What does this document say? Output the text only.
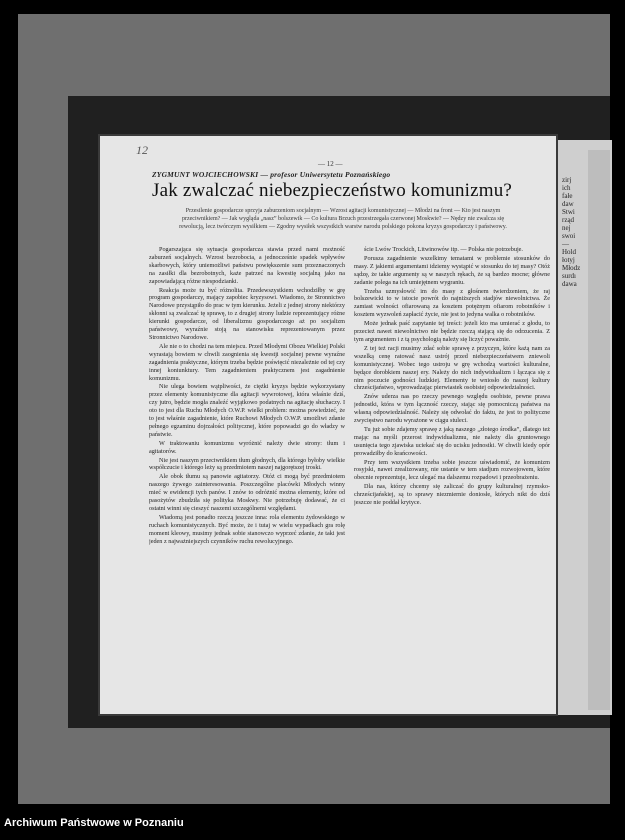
zirj
ich
fałe
daw
Stwi
rząd
nej
swoi
—
Hold
łotyj
Młodz
surdı
dawa
12
— 12 —
ZYGMUNT WOJCIECHOWSKI — profesor Uniwersytetu Poznańskiego
Jak zwalczać niebezpieczeństwo komunizmu?
Przesilenie gospodarcze sprzyja zaburzeniom socjalnym — Wzrost agitacji komunistycznej — Młodzi na front — Kto jest naszym przeciwnikiem? — Jak wygląda „nasz” bolszewik — Co kultura Brzuch przestrzegała czerwonej Moskwie? — Nędzy nie zwalcza się rewolucją, lecz twórczym wysiłkiem — Zgodny wysiłek wszystkich warstw narodu polskiego pokona kryzys gospodarczy i państwowy.

Pogarszająca się sytuacja gospodarcza stawia przed nami możność zaburzeń socjalnych. Wzrost bezrobocia, a jednocześnie spadek wpływów skarbowych, który uniemożliwi państwu powiększenie sum przeznaczonych na zasiłki dla bezrobotnych, każe patrzeć na kwestię socjalną jako na zapowiadającą różne niespodzianki.

Reakcja może tu być różnolita. Przedewszystkiem wchodziłby w grę program gospodarczy, mający zapobiec kryzysowi. Wiadomo, że Stronnictwo Narodowe przystąpiło do prac w tym kierunku. Jeżeli z jednej strony niektórzy skłonni są zwalczać tę sprawę, to z drugiej strony ludzie reprezentujący różne kierunki gospodarcze, od liberalizmu gospodarczego aż po socjalizm państwowy, wyraźnie stoją na stanowisku reprezentowanym przez Stronnictwo Narodowe.

Ale nie o to chodzi na tem miejscu. Przed Młodymi Obozu Wielkiej Polski wyrastają bowiem w chwili zaognienia się kwestji socjalnej pewne wyraźne zagadnienia praktyczne, którym trzeba będzie poświęcić niezależnie od tej czy innej koniunktury. Tem zagadnieniem praktycznem jest zagadnienie komunizmu.

Nie ulega bowiem wątpliwości, że ciężki kryzys będzie wykorzystany przez elementy komunistyczne dla agitacji wywrotowej, która właśnie dziś, czy jutro, będzie mogła znaleźć wyjątkowo podatnych na agitację słuchaczy. I oto to jest dla Ruchu Młodych O.W.P. wielki problem: można powiedzieć, że to jest właśnie zagadnienie, które Ruchowi Młodych O.W.P. umożliwi zdanie pełnego egzaminu dojrzałości politycznej, które popowadzi go do władzy w państwie.

W traktowaniu komunizmu wyróżnić należy dwie strony: tłum i agitatorów.

Nie jest naszym przeciwnikiem tłum głodnych, dla którego byłoby wielkie współczucie i którego leży są przedmiotem naszej najgorętszej troski.

Ale obok tłumu są panowie agitatorzy. Otóż ci mogą być przedmiotem naszego żywego zainteresowania. Poszczególne placówki Młodych winny mieć w ewidencji tych panów. I znów to odróżnić można elementy, które od pasożytów zbudziła się polityka Moskwy. Nie potrzebuję dodawać, że ci ostatni winni się cieszyć naszemi szczególnemi względami.

Wiadomą jest ponadto rzeczą jeszcze inna: rola elementu żydowskiego w ruchach komunistycznych. Być może, że i tutaj w wielu wypadkach gra rolę moment kleowy, musimy jednak sobie stanowczo wyprzeć zdanie, że taki jest jeden z najważniejszych czynników ruchu rewolucyjnego.

ście Lwów Trockich, Litwinowów itp. — Polska nie potrzebuje.

Porusza zagadnienie wszelkimy tematami w problemie stosunków do masy. Z jakiemi argumentami idziemy wystąpić w stosunku do tej masy? Otóż sądzę, że takie argumenty są w naszych rękach, że są bardzo mocne; główne zadanie polega na ich umiejętnem wygraniu.

Trzeba uzmysłowić im do masy z głośnem twierdzeniem, że raj bolszewicki to w istocie powrót do najniższych stadjów niewolnictwa. Że zamiast wolności ofiarowaną za kosztem potężnym ofiarom robotników i kosztem wyzwoleń zapłacić życie, nie jest to jedyna walka o robotników.

Może jednak paść zapytanie tej treści: jeżeli kto ma umierać z głodu, to przecież nawet niewolnictwo nie będzie rzeczą stającą się do odrzucenia. Z tym argumentem i z tą psychologią należy się liczyć poważnie.

Z tej też racji musimy zdać sobie sprawę z przyczyn, które każą nam za wszelką cenę ratować nasz ustrój przed niebezpieczeństwem zniewoli komunistycznej. Wobec tego ustroju w grę wchodzą wartości kulturalne, będące dorobkiem naszej ery. Należy do nich indywidualizm i łącząca się z nim poczucie godności ludzkiej. Elementy te wniosło do naszej kultury chrześcijaństwo, wprowadzając pierwiastek osobistej odpowiedzialności.

Znów uderza nas po rzeczy pewnego względu osobiste, pewne prawa jednostki, która w tym łączność rzeczy, stając się pomocniczą państwa na własną odpowiedzialność. Należy się odwołać do faktu, że jest to polityczne zwycięstwo narodu wyrażone w ciągu stuleci.

Tu już sobie zdajemy sprawę z jaką naszego „złotego środka”, dlatego też mając na myśli przerost indywidualizmu, nie należy dla gruntownego usunięcia tego zjawiska uciekać się do ucisku jednostki. W chwili kiedy opór prowadziłby do krańcowości.

Przy tem wszystkiem trzeba sobie jeszcze uświadomić, że komunizm rosyjski, nawet zrealizowany, nie ustanie w tem stadjum rozwojowem, które obecnie reprezentuje, lecz ulegać ma dalszemu rozpadowi i przeobrażeniu.

Dla nas, którzy chcemy się zaliczać do grupy kulturalnej rzymsko-chrześcijańskiej, są to sprawy niezmiernie doniosłe, których nikt do dziś jeszcze nie poddał krytyce.

Archiwum Państwowe w Poznaniu
